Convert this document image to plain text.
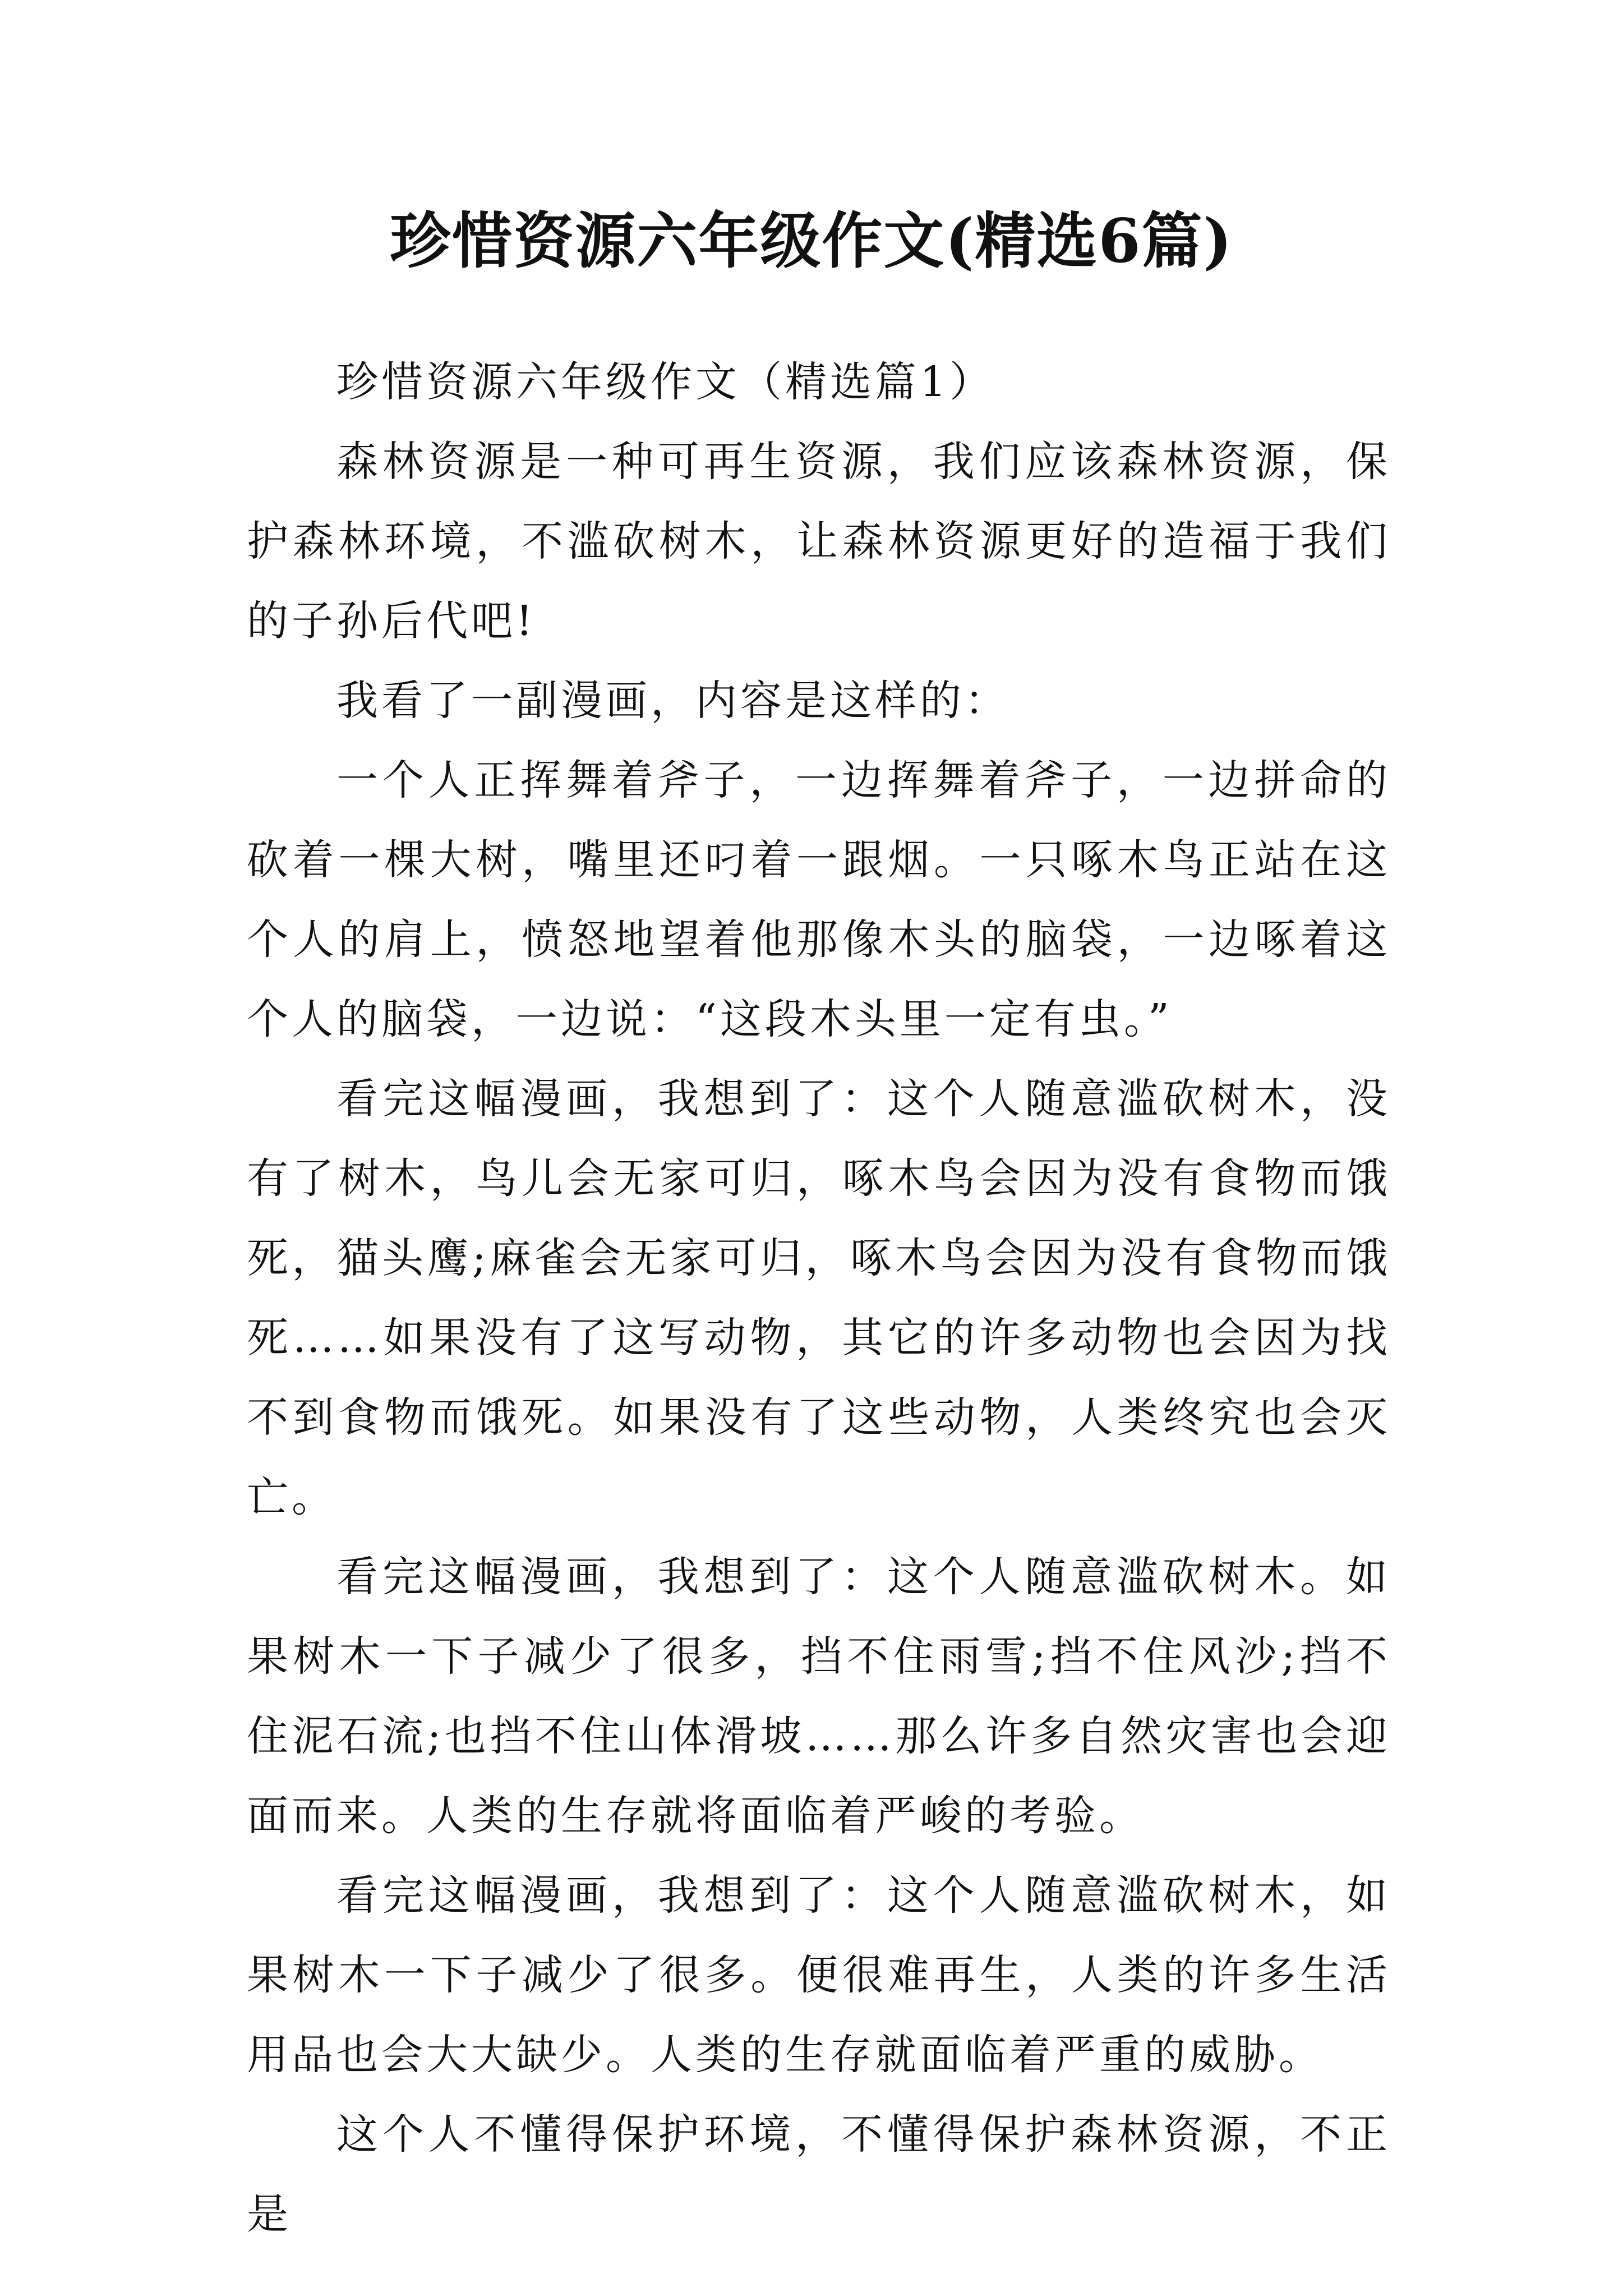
珍惜资源六年级作文(精选6篇)

珍惜资源六年级作文（精选篇1）

森林资源是一种可再生资源，我们应该森林资源，保护森林环境，不滥砍树木，让森林资源更好的造福于我们的子孙后代吧!

我看了一副漫画，内容是这样的：

一个人正挥舞着斧子，一边挥舞着斧子，一边拼命的砍着一棵大树，嘴里还叼着一跟烟。一只啄木鸟正站在这个人的肩上，愤怒地望着他那像木头的脑袋，一边啄着这个人的脑袋，一边说：“这段木头里一定有虫。”

看完这幅漫画，我想到了：这个人随意滥砍树木，没有了树木，鸟儿会无家可归，啄木鸟会因为没有食物而饿死，猫头鹰;麻雀会无家可归，啄木鸟会因为没有食物而饿死……如果没有了这写动物，其它的许多动物也会因为找不到食物而饿死。如果没有了这些动物，人类终究也会灭亡。

看完这幅漫画，我想到了：这个人随意滥砍树木。如果树木一下子减少了很多，挡不住雨雪;挡不住风沙;挡不住泥石流;也挡不住山体滑坡……那么许多自然灾害也会迎面而来。人类的生存就将面临着严峻的考验。

看完这幅漫画，我想到了：这个人随意滥砍树木，如果树木一下子减少了很多。便很难再生，人类的许多生活用品也会大大缺少。人类的生存就面临着严重的威胁。

这个人不懂得保护环境，不懂得保护森林资源，不正是
